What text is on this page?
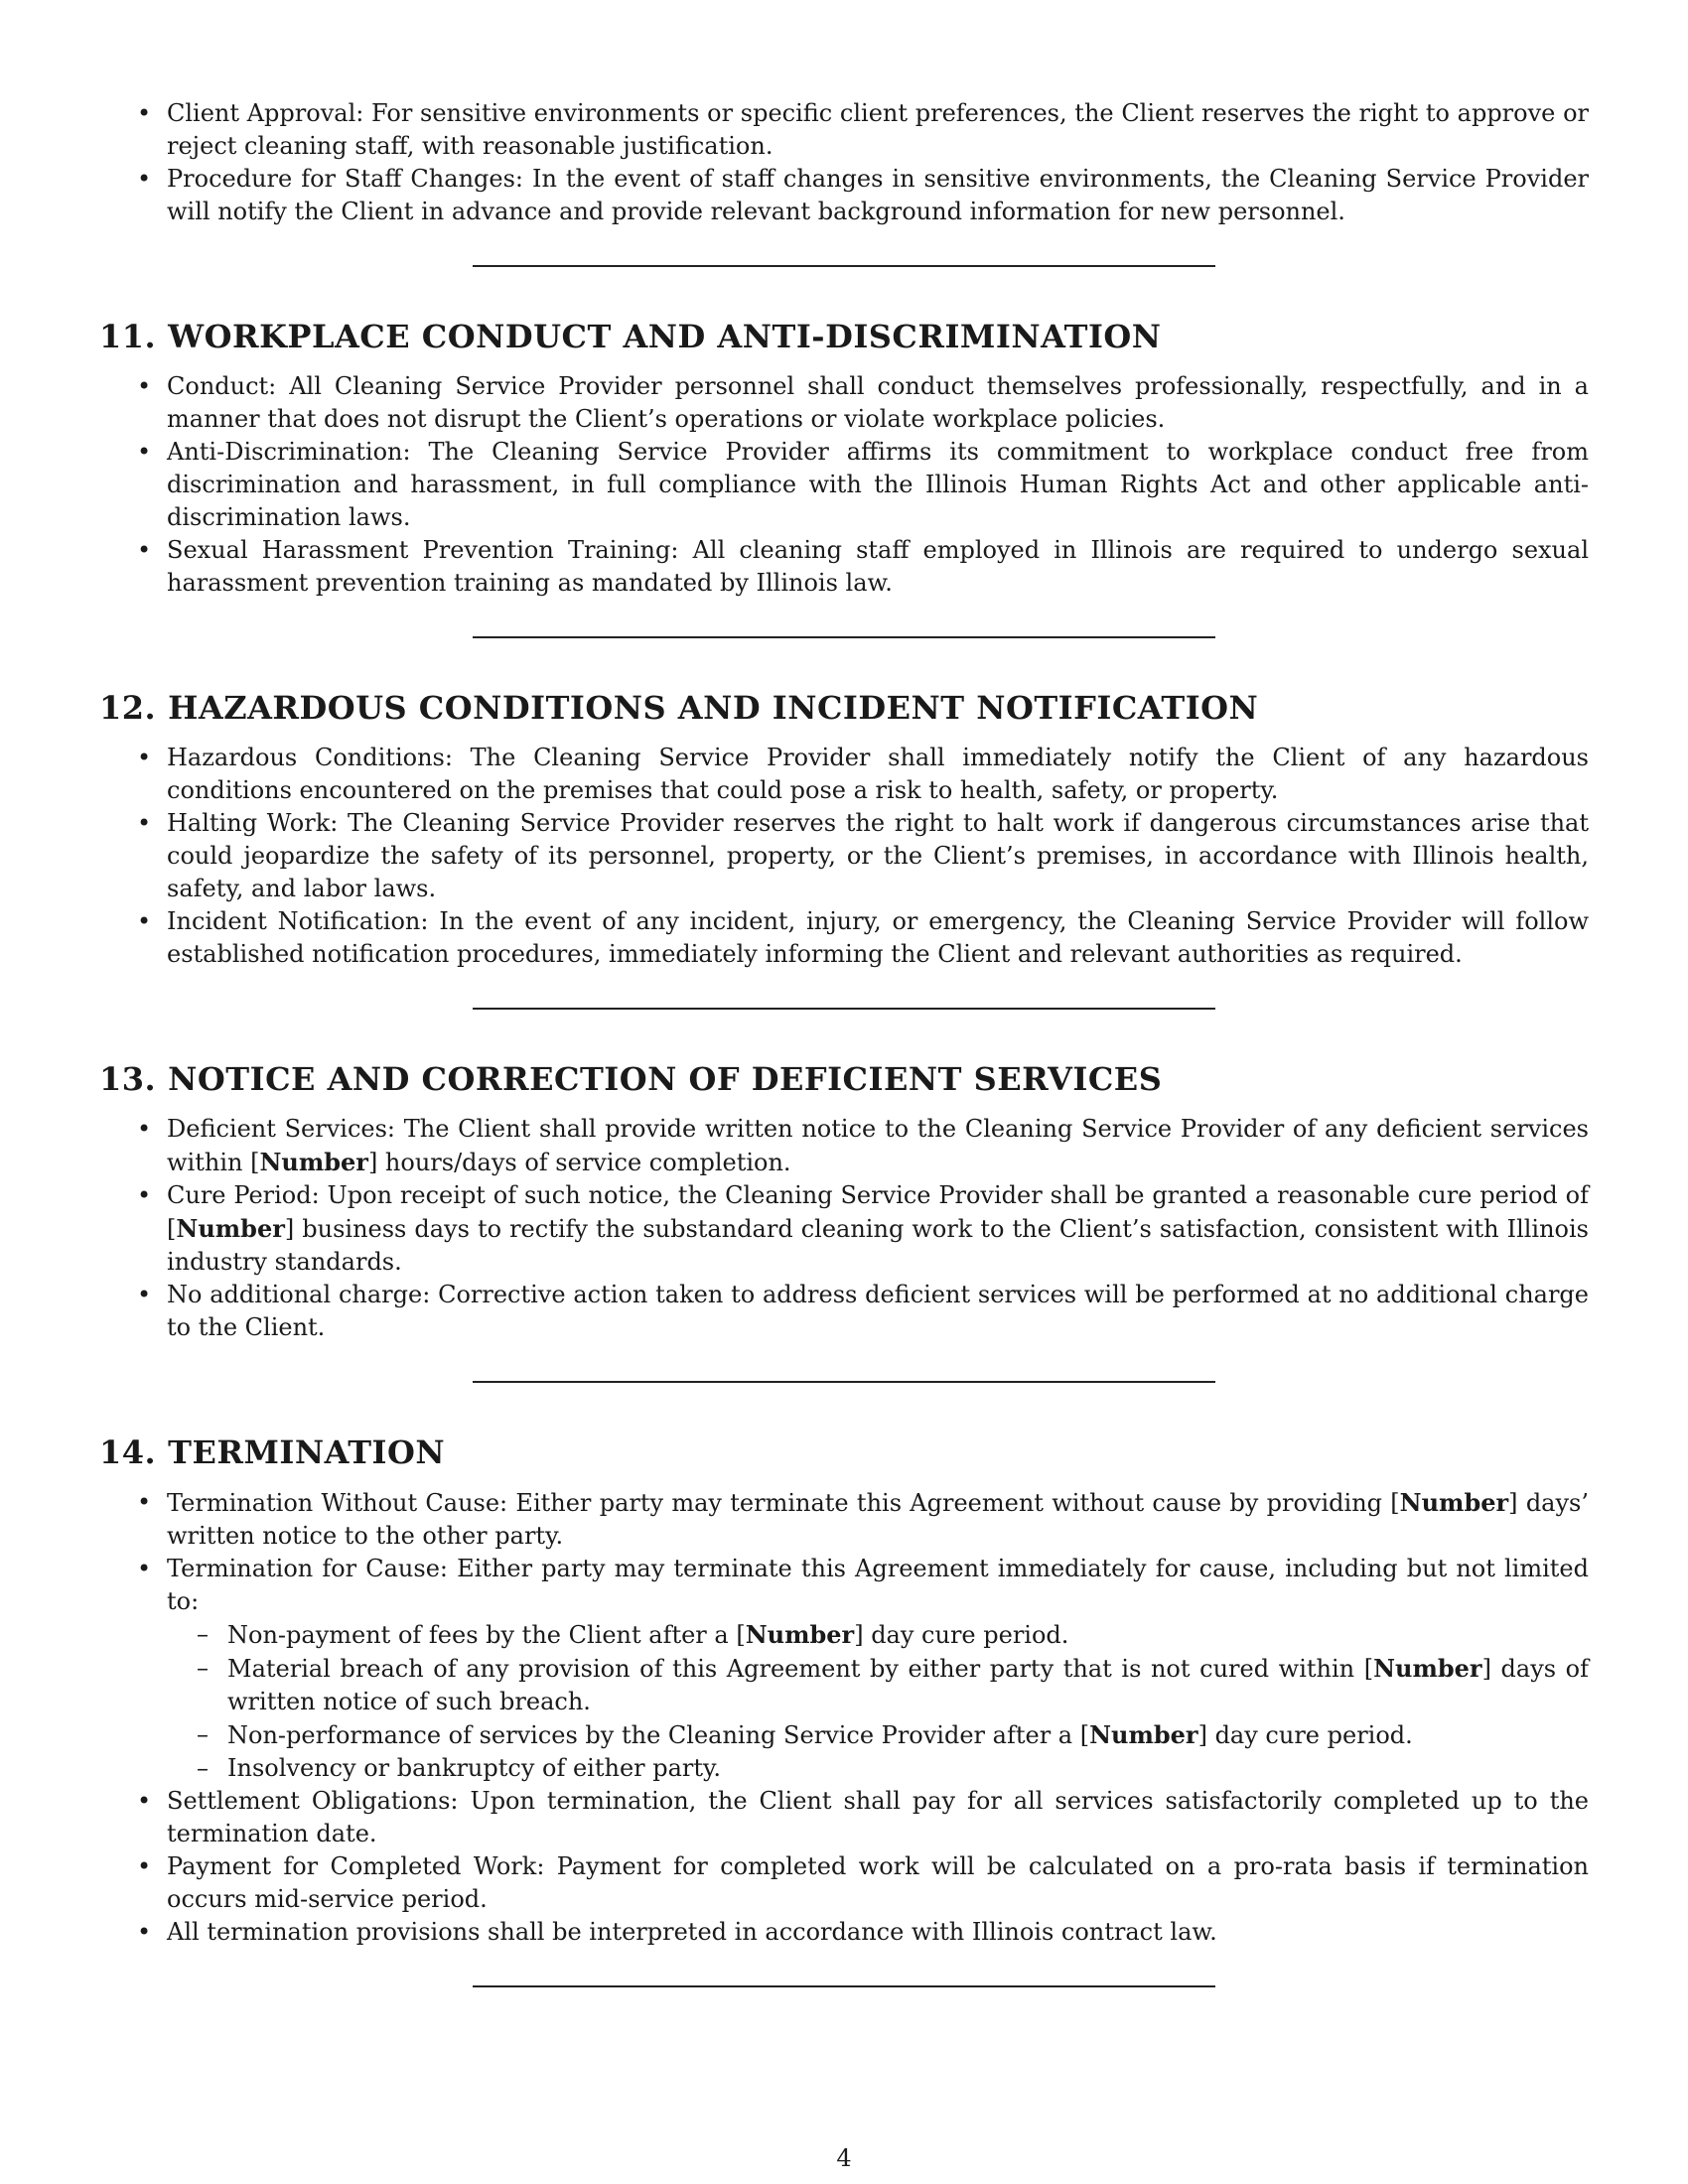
• Client Approval: For sensitive environments or specific client preferences, the Client reserves the right to approve or reject cleaning staff, with reasonable justification.
• Procedure for Staff Changes: In the event of staff changes in sensitive environments, the Cleaning Service Provider will notify the Client in advance and provide relevant background information for new personnel.
11. WORKPLACE CONDUCT AND ANTI-DISCRIMINATION
• Conduct: All Cleaning Service Provider personnel shall conduct themselves professionally, respectfully, and in a manner that does not disrupt the Client’s operations or violate workplace policies.
• Anti-Discrimination: The Cleaning Service Provider affirms its commitment to workplace conduct free from discrimination and harassment, in full compliance with the Illinois Human Rights Act and other applicable anti-discrimination laws.
• Sexual Harassment Prevention Training: All cleaning staff employed in Illinois are required to undergo sexual harassment prevention training as mandated by Illinois law.
12. HAZARDOUS CONDITIONS AND INCIDENT NOTIFICATION
• Hazardous Conditions: The Cleaning Service Provider shall immediately notify the Client of any hazardous conditions encountered on the premises that could pose a risk to health, safety, or property.
• Halting Work: The Cleaning Service Provider reserves the right to halt work if dangerous circumstances arise that could jeopardize the safety of its personnel, property, or the Client’s premises, in accordance with Illinois health, safety, and labor laws.
• Incident Notification: In the event of any incident, injury, or emergency, the Cleaning Service Provider will follow established notification procedures, immediately informing the Client and relevant authorities as required.
13. NOTICE AND CORRECTION OF DEFICIENT SERVICES
• Deficient Services: The Client shall provide written notice to the Cleaning Service Provider of any deficient services within [Number] hours/days of service completion.
• Cure Period: Upon receipt of such notice, the Cleaning Service Provider shall be granted a reasonable cure period of [Number] business days to rectify the substandard cleaning work to the Client’s satisfaction, consistent with Illinois industry standards.
• No additional charge: Corrective action taken to address deficient services will be performed at no additional charge to the Client.
14. TERMINATION
• Termination Without Cause: Either party may terminate this Agreement without cause by providing [Number] days’ written notice to the other party.
• Termination for Cause: Either party may terminate this Agreement immediately for cause, including but not limited to:
– Non-payment of fees by the Client after a [Number] day cure period.
– Material breach of any provision of this Agreement by either party that is not cured within [Number] days of written notice of such breach.
– Non-performance of services by the Cleaning Service Provider after a [Number] day cure period.
– Insolvency or bankruptcy of either party.
• Settlement Obligations: Upon termination, the Client shall pay for all services satisfactorily completed up to the termination date.
• Payment for Completed Work: Payment for completed work will be calculated on a pro-rata basis if termination occurs mid-service period.
• All termination provisions shall be interpreted in accordance with Illinois contract law.
4
